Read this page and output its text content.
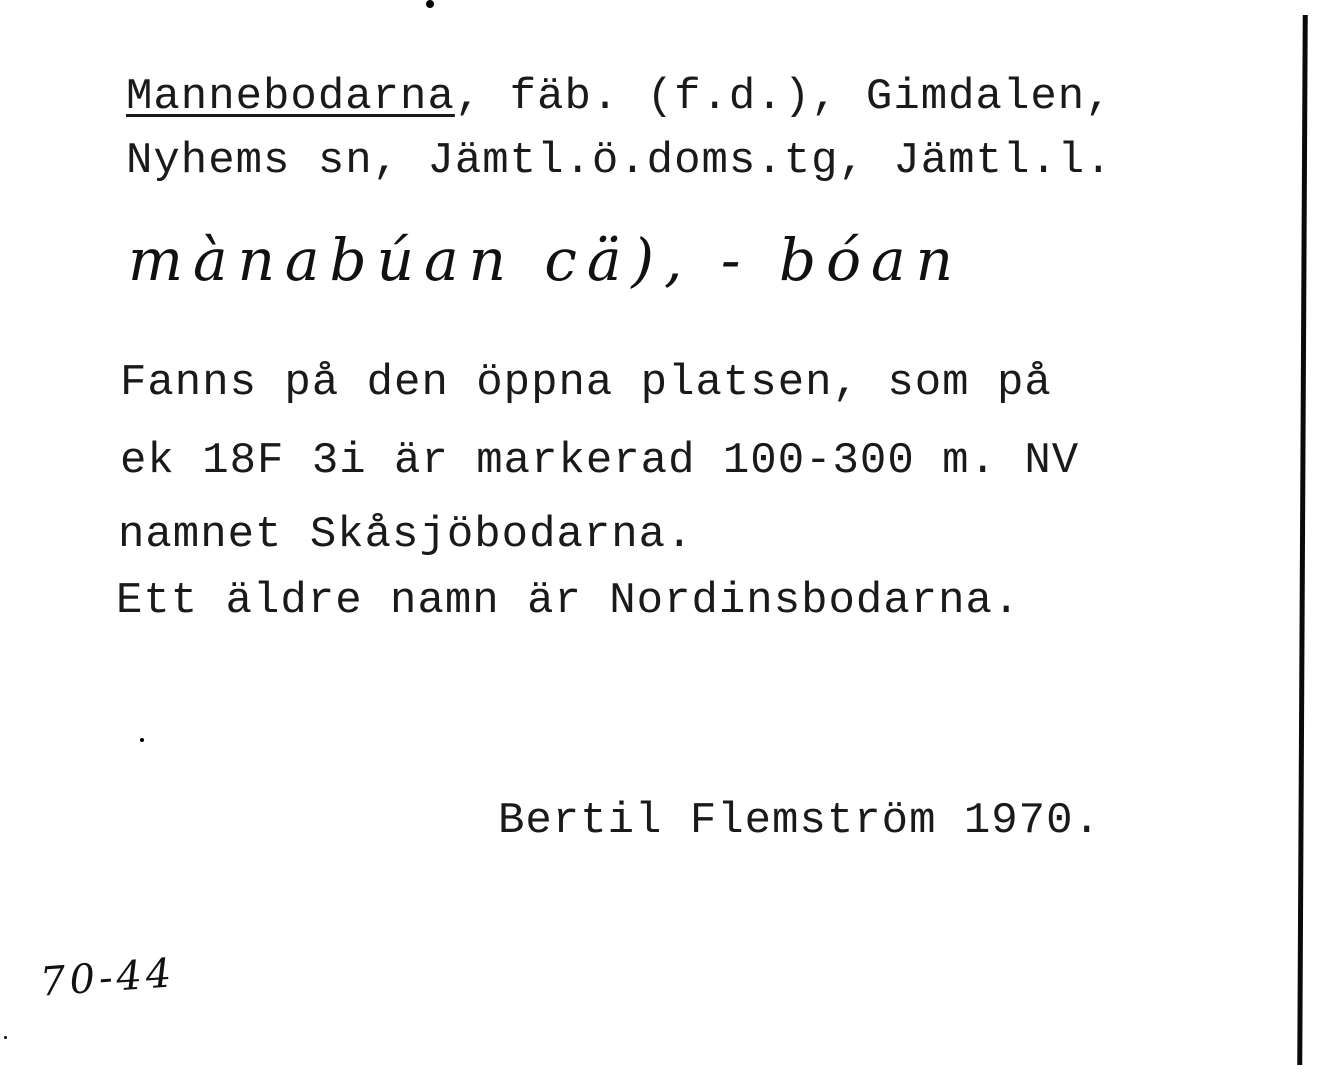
Mannebodarna, fäb. (f.d.), Gimdalen,
Nyhems sn, Jämtl.ö.doms.tg, Jämtl.l.
mànabúan cä), - bóan
Fanns på den öppna platsen, som på
ek 18F 3i är markerad 100-300 m. NV
namnet Skåsjöbodarna.
Ett äldre namn är Nordinsbodarna.
Bertil Flemström 1970.
70-44
